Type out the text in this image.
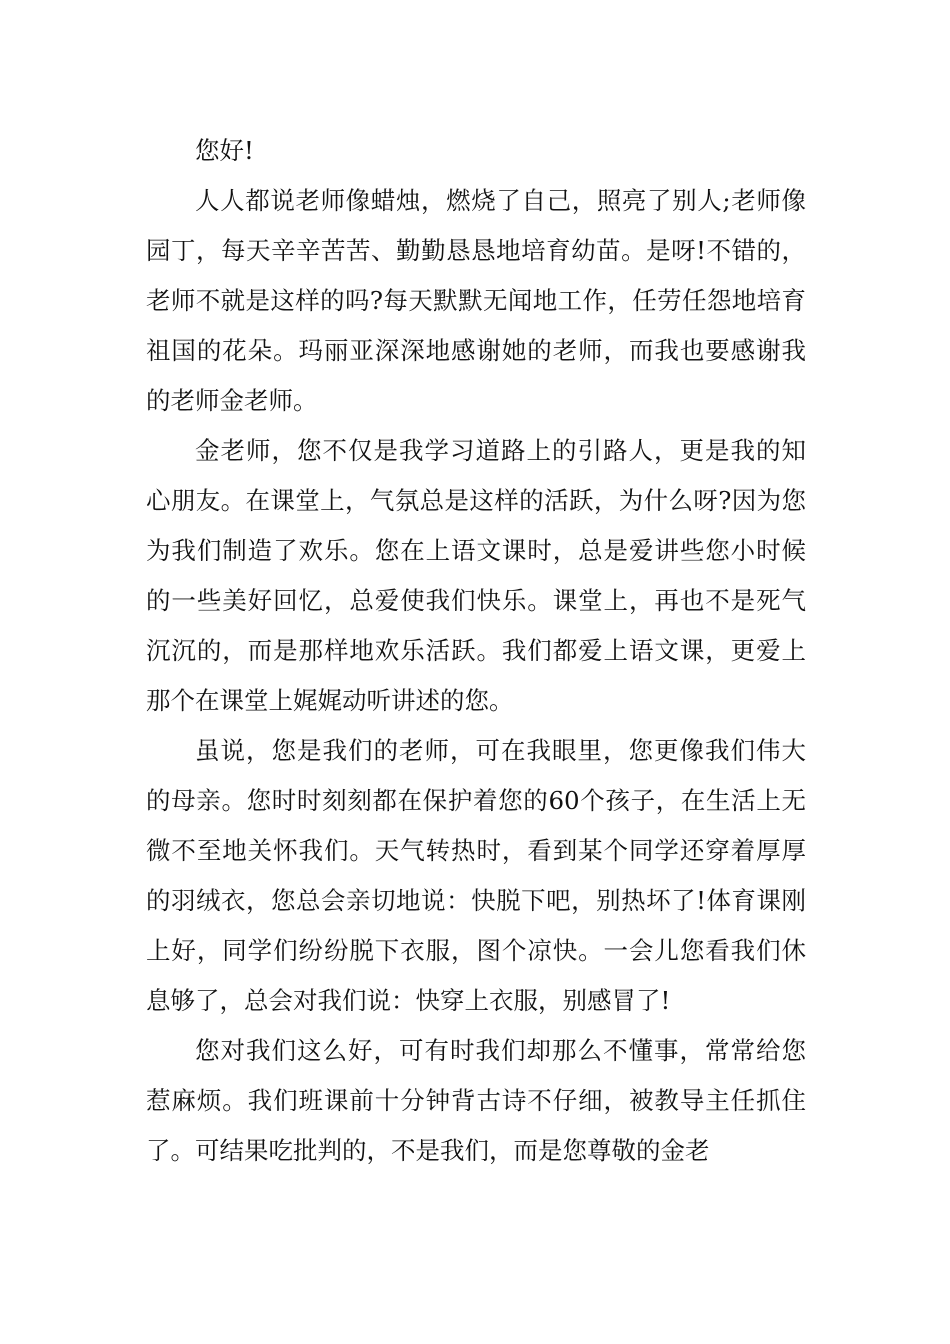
您好!

人人都说老师像蜡烛，燃烧了自己，照亮了别人;老师像园丁，每天辛辛苦苦、勤勤恳恳地培育幼苗。是呀!不错的，老师不就是这样的吗?每天默默无闻地工作，任劳任怨地培育祖国的花朵。玛丽亚深深地感谢她的老师，而我也要感谢我的老师金老师。

金老师，您不仅是我学习道路上的引路人，更是我的知心朋友。在课堂上，气氛总是这样的活跃，为什么呀?因为您为我们制造了欢乐。您在上语文课时，总是爱讲些您小时候的一些美好回忆，总爱使我们快乐。课堂上，再也不是死气沉沉的，而是那样地欢乐活跃。我们都爱上语文课，更爱上那个在课堂上娓娓动听讲述的您。

虽说，您是我们的老师，可在我眼里，您更像我们伟大的母亲。您时时刻刻都在保护着您的60个孩子，在生活上无微不至地关怀我们。天气转热时，看到某个同学还穿着厚厚的羽绒衣，您总会亲切地说：快脱下吧，别热坏了!体育课刚上好，同学们纷纷脱下衣服，图个凉快。一会儿您看我们休息够了，总会对我们说：快穿上衣服，别感冒了!

您对我们这么好，可有时我们却那么不懂事，常常给您惹麻烦。我们班课前十分钟背古诗不仔细，被教导主任抓住了。可结果吃批判的，不是我们，而是您尊敬的金老
